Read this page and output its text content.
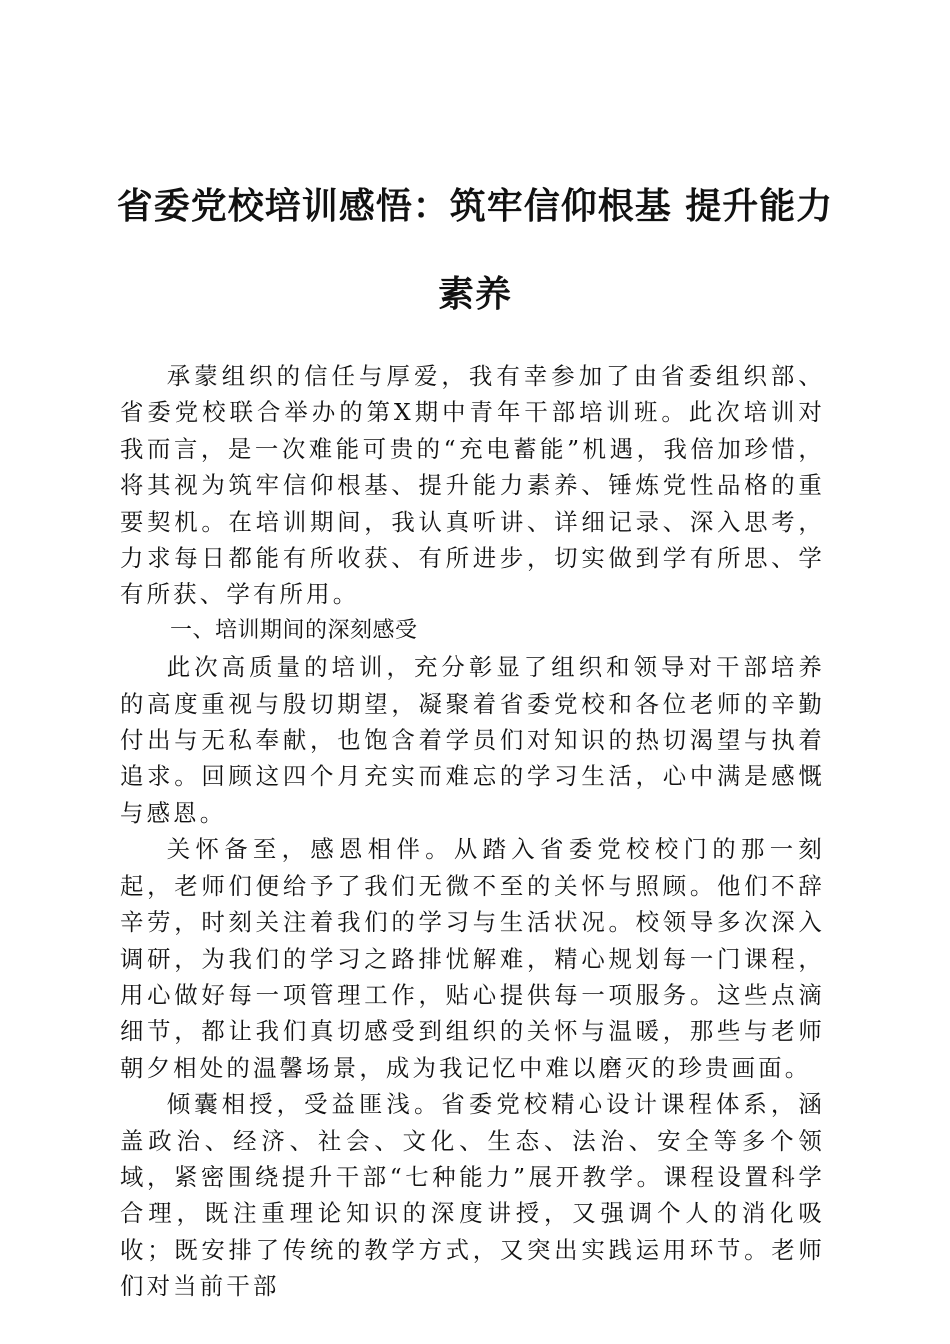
省委党校培训感悟：筑牢信仰根基 提升能力素养

承蒙组织的信任与厚爱，我有幸参加了由省委组织部、省委党校联合举办的第X期中青年干部培训班。此次培训对我而言，是一次难能可贵的“充电蓄能”机遇，我倍加珍惜，将其视为筑牢信仰根基、提升能力素养、锤炼党性品格的重要契机。在培训期间，我认真听讲、详细记录、深入思考，力求每日都能有所收获、有所进步，切实做到学有所思、学有所获、学有所用。

一、培训期间的深刻感受

此次高质量的培训，充分彰显了组织和领导对干部培养的高度重视与殷切期望，凝聚着省委党校和各位老师的辛勤付出与无私奉献，也饱含着学员们对知识的热切渴望与执着追求。回顾这四个月充实而难忘的学习生活，心中满是感慨与感恩。

关怀备至，感恩相伴。从踏入省委党校校门的那一刻起，老师们便给予了我们无微不至的关怀与照顾。他们不辞辛劳，时刻关注着我们的学习与生活状况。校领导多次深入调研，为我们的学习之路排忧解难，精心规划每一门课程，用心做好每一项管理工作，贴心提供每一项服务。这些点滴细节，都让我们真切感受到组织的关怀与温暖，那些与老师朝夕相处的温馨场景，成为我记忆中难以磨灭的珍贵画面。

倾囊相授，受益匪浅。省委党校精心设计课程体系，涵盖政治、经济、社会、文化、生态、法治、安全等多个领域，紧密围绕提升干部“七种能力”展开教学。课程设置科学合理，既注重理论知识的深度讲授，又强调个人的消化吸收；既安排了传统的教学方式，又突出实践运用环节。老师们对当前干部
